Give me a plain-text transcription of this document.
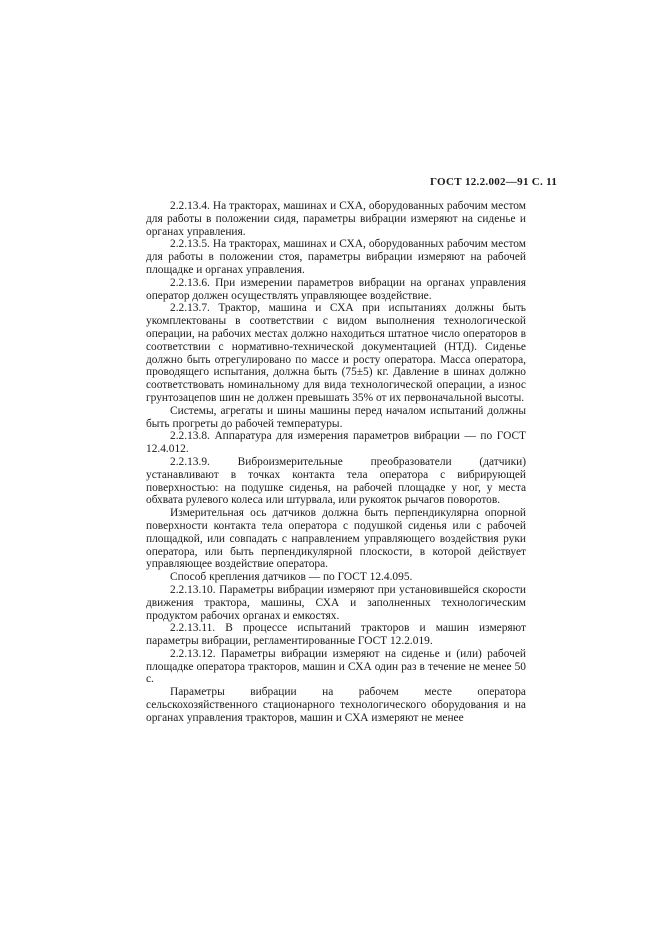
ГОСТ 12.2.002—91 С. 11

2.2.13.4. На тракторах, машинах и СХА, оборудованных рабочим местом для работы в положении сидя, параметры вибрации измеряют на сиденье и органах управления.

2.2.13.5. На тракторах, машинах и СХА, оборудованных рабочим местом для работы в положении стоя, параметры вибрации измеряют на рабочей площадке и органах управления.

2.2.13.6. При измерении параметров вибрации на органах управления оператор должен осуществлять управляющее воздействие.

2.2.13.7. Трактор, машина и СХА при испытаниях должны быть укомплектованы в соответствии с видом выполнения технологической операции, на рабочих местах должно находиться штатное число операторов в соответствии с нормативно-технической документацией (НТД). Сиденье должно быть отрегулировано по массе и росту оператора. Масса оператора, проводящего испытания, должна быть (75±5) кг. Давление в шинах должно соответствовать номинальному для вида технологической операции, а износ грунтозацепов шин не должен превышать 35% от их первоначальной высоты.

Системы, агрегаты и шины машины перед началом испытаний должны быть прогреты до рабочей температуры.

2.2.13.8. Аппаратура для измерения параметров вибрации — по ГОСТ 12.4.012.

2.2.13.9. Виброизмерительные преобразователи (датчики) устанавливают в точках контакта тела оператора с вибрирующей поверхностью: на подушке сиденья, на рабочей площадке у ног, у места обхвата рулевого колеса или штурвала, или рукояток рычагов поворотов.

Измерительная ось датчиков должна быть перпендикулярна опорной поверхности контакта тела оператора с подушкой сиденья или с рабочей площадкой, или совпадать с направлением управляющего воздействия руки оператора, или быть перпендикулярной плоскости, в которой действует управляющее воздействие оператора.

Способ крепления датчиков — по ГОСТ 12.4.095.

2.2.13.10. Параметры вибрации измеряют при установившейся скорости движения трактора, машины, СХА и заполненных технологическим продуктом рабочих органах и емкостях.

2.2.13.11. В процессе испытаний тракторов и машин измеряют параметры вибрации, регламентированные ГОСТ 12.2.019.

2.2.13.12. Параметры вибрации измеряют на сиденье и (или) рабочей площадке оператора тракторов, машин и СХА один раз в течение не менее 50 с.

Параметры вибрации на рабочем месте оператора сельскохозяйственного стационарного технологического оборудования и на органах управления тракторов, машин и СХА измеряют не менее
